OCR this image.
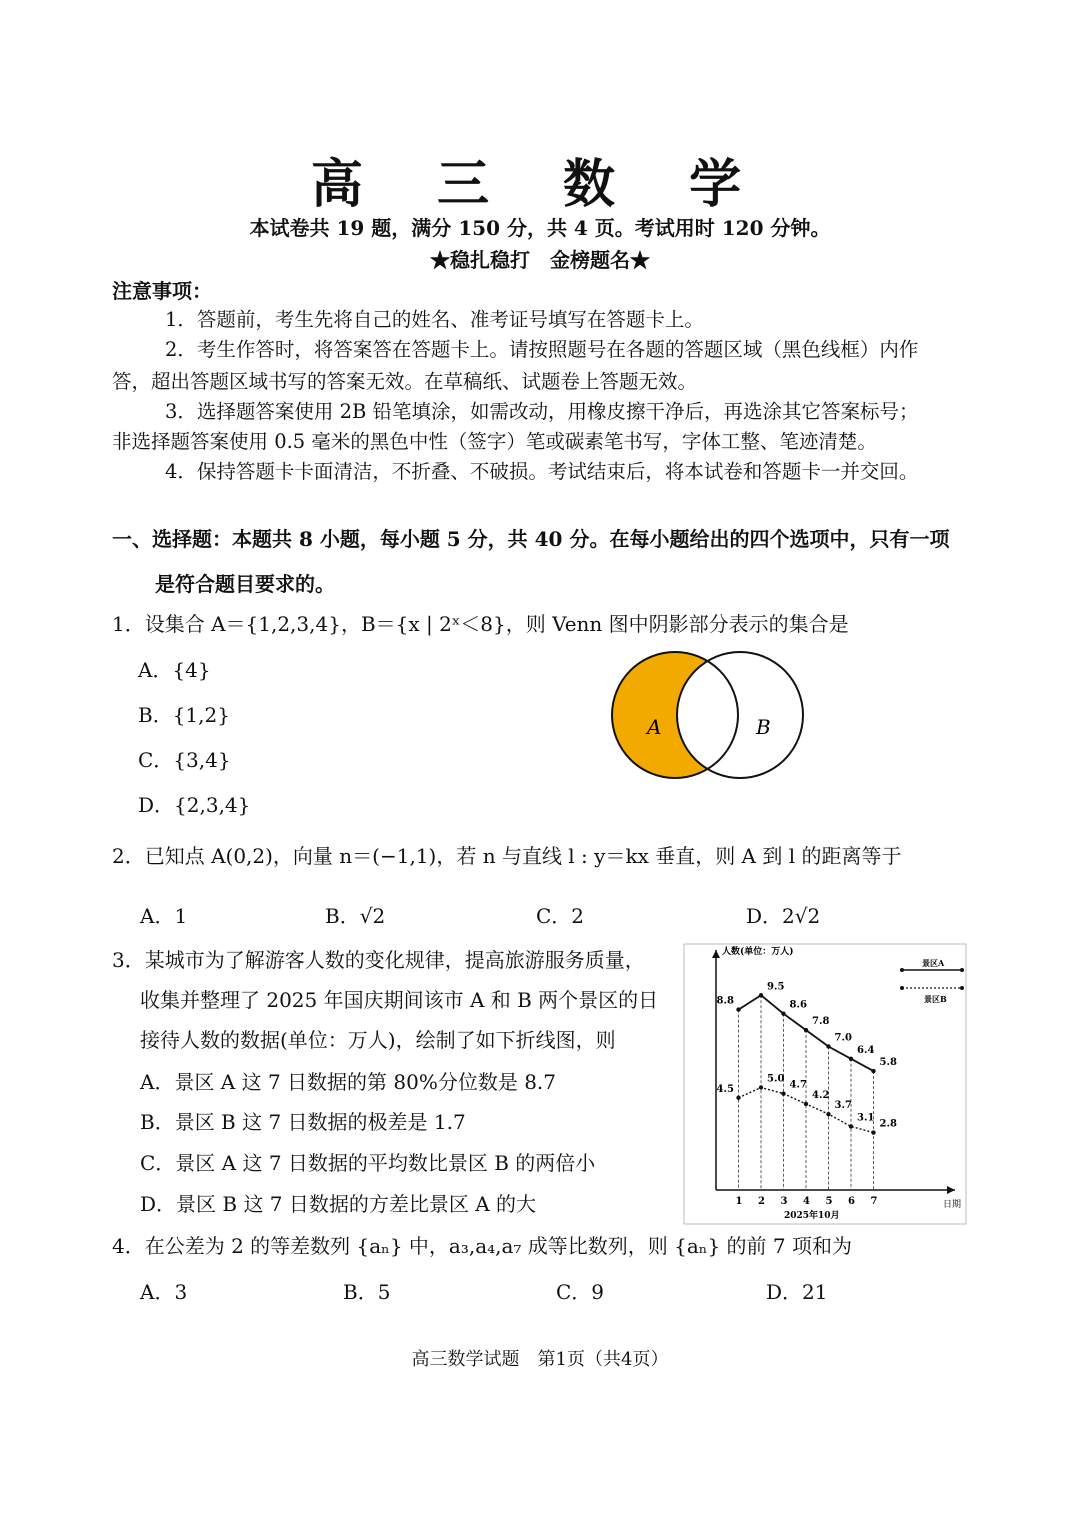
高 三 数 学
本试卷共 19 题，满分 150 分，共 4 页。考试用时 120 分钟。
★稳扎稳打　金榜题名★
注意事项：
1．答题前，考生先将自己的姓名、准考证号填写在答题卡上。
2．考生作答时，将答案答在答题卡上。请按照题号在各题的答题区域（黑色线框）内作
答，超出答题区域书写的答案无效。在草稿纸、试题卷上答题无效。
3．选择题答案使用 2B 铅笔填涂，如需改动，用橡皮擦干净后，再选涂其它答案标号；
非选择题答案使用 0.5 毫米的黑色中性（签字）笔或碳素笔书写，字体工整、笔迹清楚。
4．保持答题卡卡面清洁，不折叠、不破损。考试结束后，将本试卷和答题卡一并交回。
一、选择题：本题共 8 小题，每小题 5 分，共 40 分。在每小题给出的四个选项中，只有一项
是符合题目要求的。
1．设集合 A＝{1,2,3,4}，B＝{x | 2ˣ＜8}，则 Venn 图中阴影部分表示的集合是
A．{4}
B．{1,2}
C．{3,4}
D．{2,3,4}
A	B
2．已知点 A(0,2)，向量 n＝(−1,1)，若 n 与直线 l : y＝kx 垂直，则 A 到 l 的距离等于
A．1	B．√2	C．2	D．2√2
3．某城市为了解游客人数的变化规律，提高旅游服务质量，
收集并整理了 2025 年国庆期间该市 A 和 B 两个景区的日
接待人数的数据(单位：万人)，绘制了如下折线图，则
A．景区 A 这 7 日数据的第 80%分位数是 8.7
B．景区 B 这 7 日数据的极差是 1.7
C．景区 A 这 7 日数据的平均数比景区 B 的两倍小
D．景区 B 这 7 日数据的方差比景区 A 的大
人数(单位：万人)
日期
2025年10月
1 2 3 4 5 6 7
8.8
9.5
8.6
7.8
7.0
6.4
5.8
4.5
5.0
4.7
4.2
3.7
3.1
2.8
景区A
景区B
4．在公差为 2 的等差数列 {aₙ} 中，a₃,a₄,a₇ 成等比数列，则 {aₙ} 的前 7 项和为
A．3	B．5	C．9	D．21
高三数学试题　第1页（共4页）
